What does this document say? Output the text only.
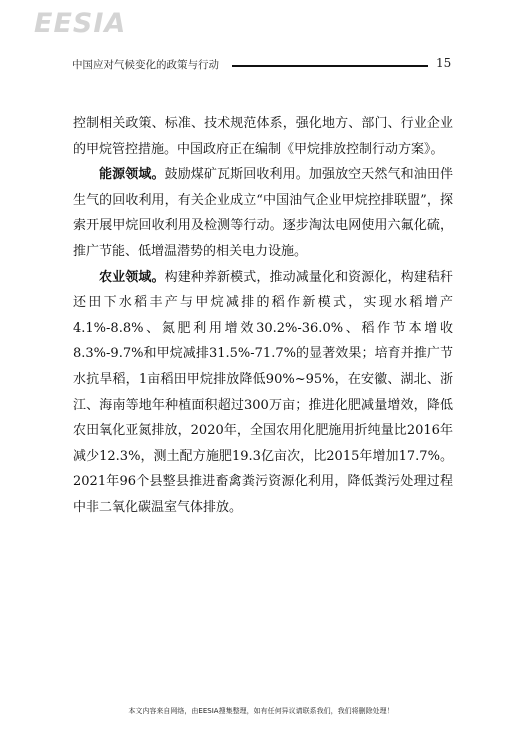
EESIA
中国应对气候变化的政策与行动	15

控制相关政策、标准、技术规范体系，强化地方、部门、行业企业的甲烷管控措施。中国政府正在编制《甲烷排放控制行动方案》。

能源领域。鼓励煤矿瓦斯回收利用。加强放空天然气和油田伴生气的回收利用，有关企业成立“中国油气企业甲烷控排联盟”，探索开展甲烷回收利用及检测等行动。逐步淘汰电网使用六氟化硫，推广节能、低增温潜势的相关电力设施。

农业领域。构建种养新模式，推动减量化和资源化，构建秸秆还田下水稻丰产与甲烷减排的稻作新模式，实现水稻增产4.1%-8.8%、氮肥利用增效30.2%-36.0%、稻作节本增收8.3%-9.7%和甲烷减排31.5%-71.7%的显著效果；培育并推广节水抗旱稻，1亩稻田甲烷排放降低90%~95%，在安徽、湖北、浙江、海南等地年种植面积超过300万亩；推进化肥减量增效，降低农田氧化亚氮排放，2020年，全国农用化肥施用折纯量比2016年减少12.3%，测土配方施肥19.3亿亩次，比2015年增加17.7%。2021年96个县整县推进畜禽粪污资源化利用，降低粪污处理过程中非二氧化碳温室气体排放。

本文内容来自网络，由EESIA搜集整理，如有任何异议请联系我们，我们将删除处理！
